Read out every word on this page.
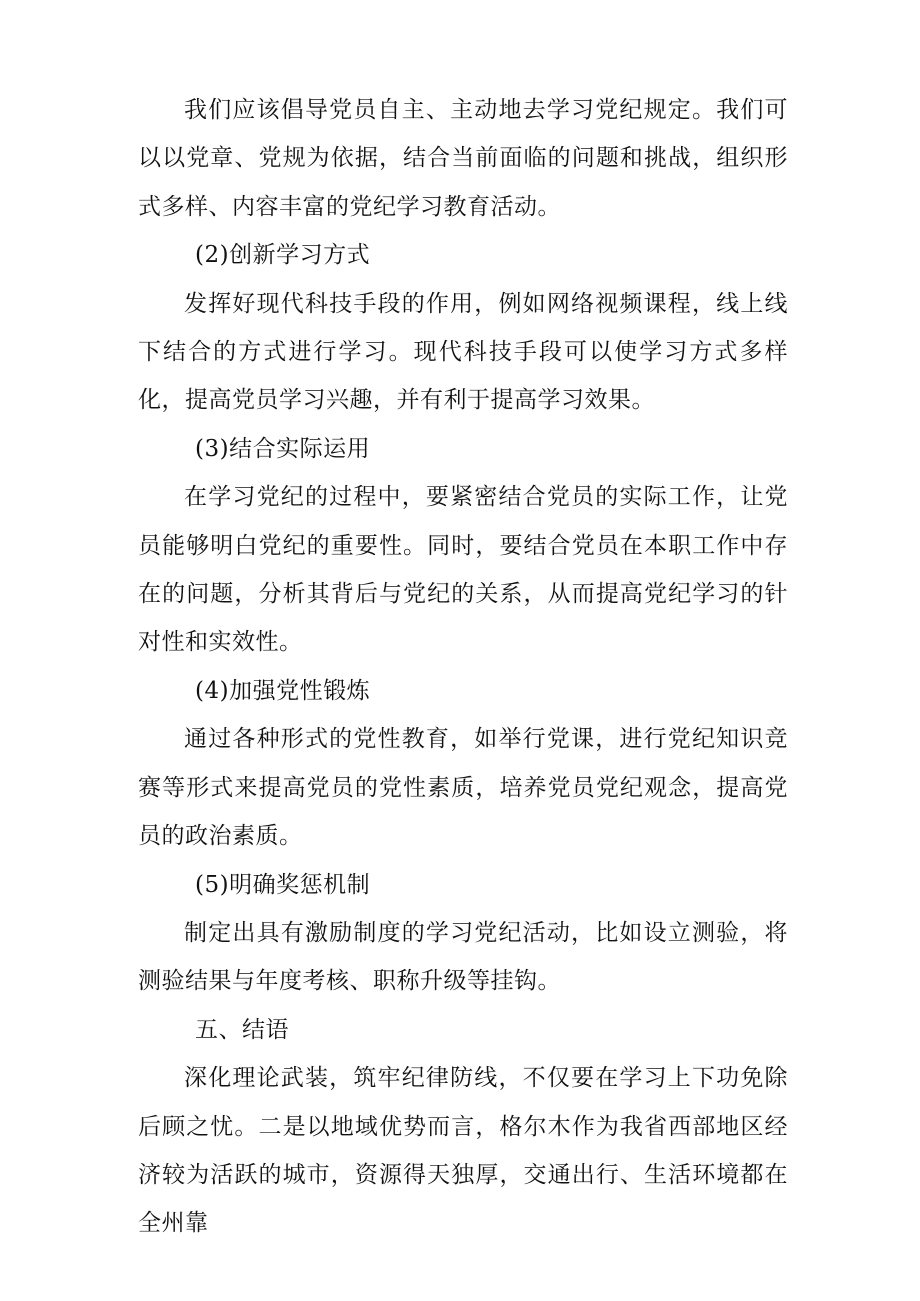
我们应该倡导党员自主、主动地去学习党纪规定。我们可以以党章、党规为依据，结合当前面临的问题和挑战，组织形式多样、内容丰富的党纪学习教育活动。

(2)创新学习方式

发挥好现代科技手段的作用，例如网络视频课程，线上线下结合的方式进行学习。现代科技手段可以使学习方式多样化，提高党员学习兴趣，并有利于提高学习效果。

(3)结合实际运用

在学习党纪的过程中，要紧密结合党员的实际工作，让党员能够明白党纪的重要性。同时，要结合党员在本职工作中存在的问题，分析其背后与党纪的关系，从而提高党纪学习的针对性和实效性。

(4)加强党性锻炼

通过各种形式的党性教育，如举行党课，进行党纪知识竞赛等形式来提高党员的党性素质，培养党员党纪观念，提高党员的政治素质。

(5)明确奖惩机制

制定出具有激励制度的学习党纪活动，比如设立测验，将测验结果与年度考核、职称升级等挂钩。

五、结语

深化理论武装，筑牢纪律防线，不仅要在学习上下功免除后顾之忧。二是以地域优势而言，格尔木作为我省西部地区经济较为活跃的城市，资源得天独厚，交通出行、生活环境都在全州靠
